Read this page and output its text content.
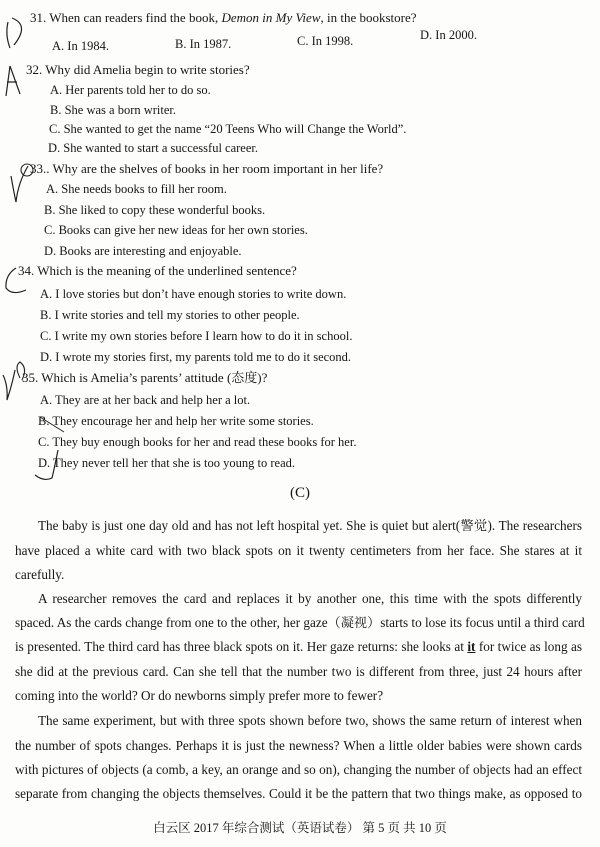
31. When can readers find the book, Demon in My View, in the bookstore?
A. In 1984.	B. In 1987.	C. In 1998.	D. In 2000.
32. Why did Amelia begin to write stories?
A. Her parents told her to do so.
B. She was a born writer.
C. She wanted to get the name “20 Teens Who will Change the World”.
D. She wanted to start a successful career.
33.. Why are the shelves of books in her room important in her life?
A. She needs books to fill her room.
B. She liked to copy these wonderful books.
C. Books can give her new ideas for her own stories.
D. Books are interesting and enjoyable.
34. Which is the meaning of the underlined sentence?
A. I love stories but don’t have enough stories to write down.
B. I write stories and tell my stories to other people.
C. I write my own stories before I learn how to do it in school.
D. I wrote my stories first, my parents told me to do it second.
35. Which is Amelia’s parents’ attitude (态度)?
A. They are at her back and help her a lot.
B. They encourage her and help her write some stories.
C. They buy enough books for her and read these books for her.
D. They never tell her that she is too young to read.
(C)
The baby is just one day old and has not left hospital yet. She is quiet but alert(警觉). The researchers
have placed a white card with two black spots on it twenty centimeters from her face. She stares at it
carefully.
A researcher removes the card and replaces it by another one, this time with the spots differently
spaced. As the cards change from one to the other, her gaze（凝视）starts to lose its focus until a third card
is presented. The third card has three black spots on it. Her gaze returns: she looks at it for twice as long as
she did at the previous card. Can she tell that the number two is different from three, just 24 hours after
coming into the world? Or do newborns simply prefer more to fewer?
The same experiment, but with three spots shown before two, shows the same return of interest when
the number of spots changes. Perhaps it is just the newness? When a little older babies were shown cards
with pictures of objects (a comb, a key, an orange and so on), changing the number of objects had an effect
separate from changing the objects themselves. Could it be the pattern that two things make, as opposed to
白云区 2017 年综合测试（英语试卷） 第 5 页 共 10 页
